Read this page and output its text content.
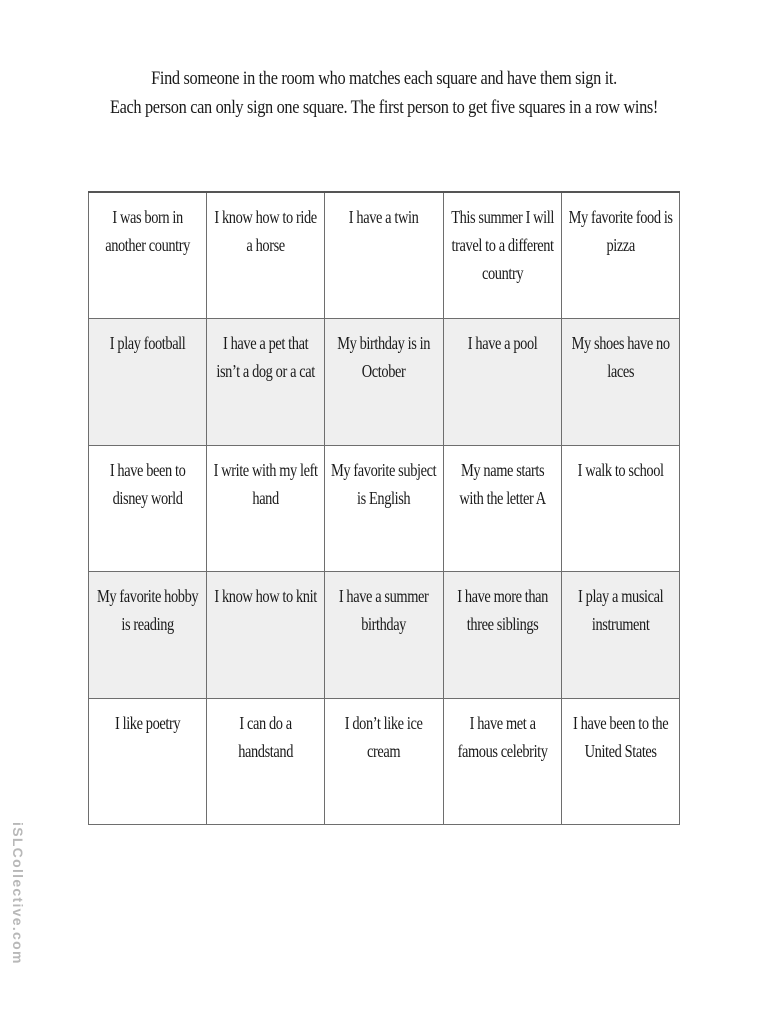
Find someone in the room who matches each square and have them sign it.
Each person can only sign one square. The first person to get five squares in a row wins!
I was born in another country	I know how to ride a horse	I have a twin	This summer I will travel to a different country	My favorite food is pizza
I play football	I have a pet that isn’t a dog or a cat	My birthday is in October	I have a pool	My shoes have no laces
I have been to disney world	I write with my left hand	My favorite subject is English	My name starts with the letter A	I walk to school
My favorite hobby is reading	I know how to knit	I have a summer birthday	I have more than three siblings	I play a musical instrument
I like poetry	I can do a handstand	I don’t like ice cream	I have met a famous celebrity	I have been to the United States
iSLCollective.com
